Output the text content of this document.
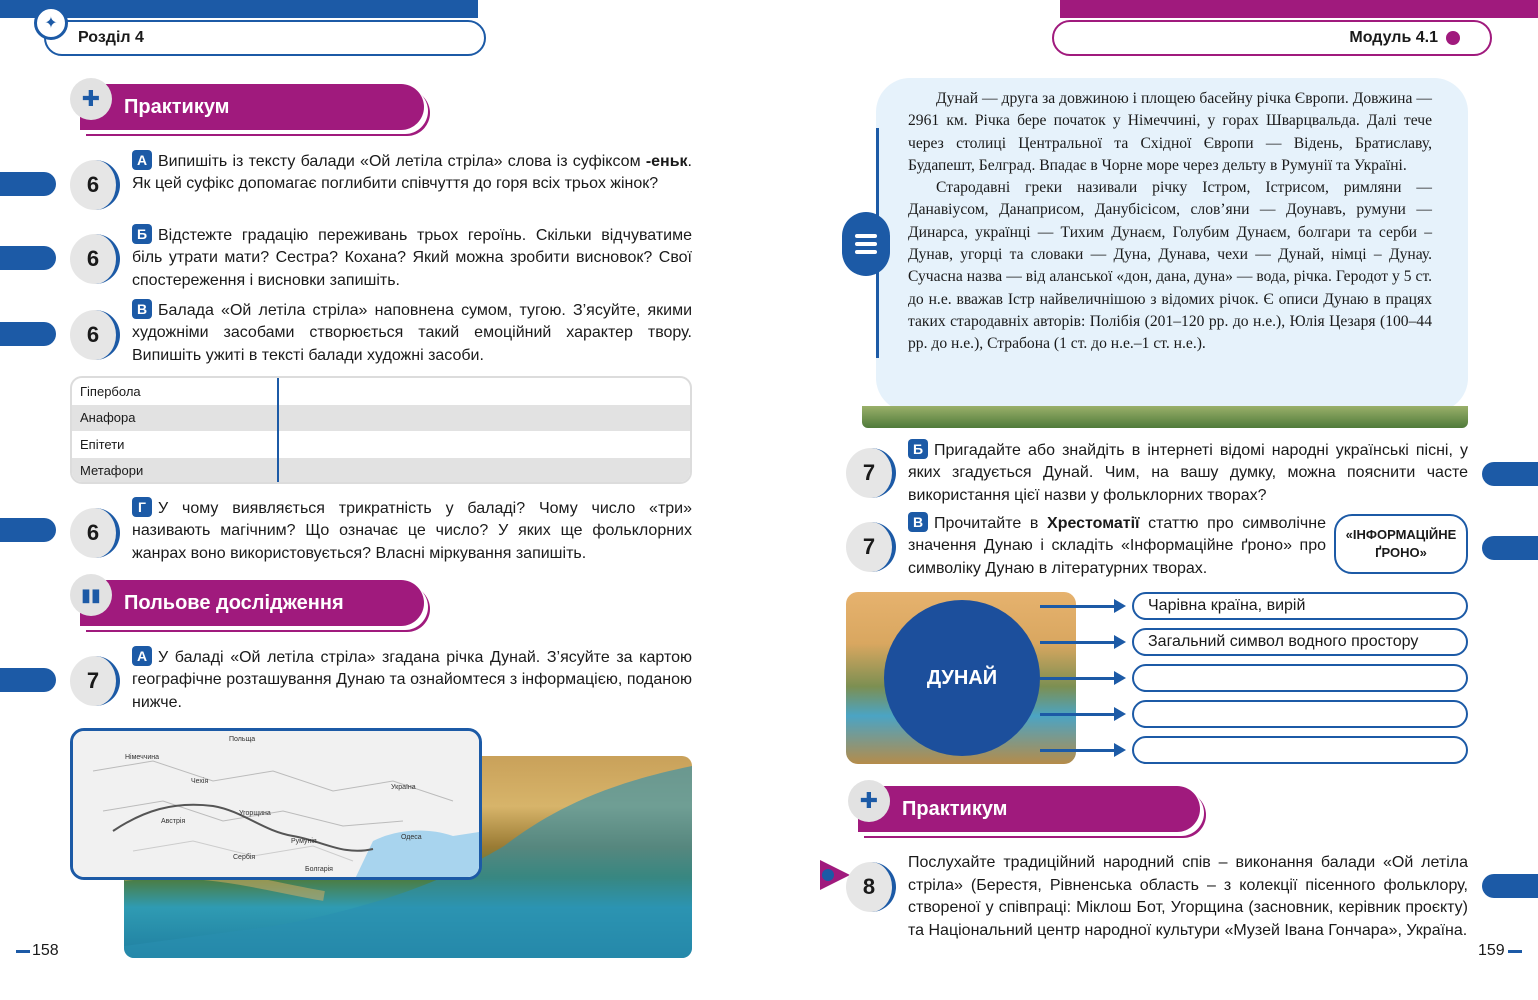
Розділ 4
✦
Модуль 4.1
Практикум
✚
6
А Випишіть із тексту балади «Ой летіла стріла» слова із суфіксом -еньк. Як цей суфікс допомагає поглибити співчуття до горя всіх трьох жінок?
6
Б Відстежте градацію переживань трьох героїнь. Скільки відчуватиме біль утрати мати? Сестра? Кохана? Який можна зробити висновок? Свої спостереження і висновки запишіть.
6
В Балада «Ой летіла стріла» наповнена сумом, тугою. З’ясуйте, якими художніми засобами створюється такий емоційний характер твору. Випишіть ужиті в тексті балади художні засоби.
Гіпербола
Анафора
Епітети
Метафори
6
Г У чому виявляється трикратність у баладі? Чому число «три» називають магічним? Що означає це число? У яких ще фольклорних жанрах воно використовується? Власні міркування запишіть.
Польове дослідження
▮▮
7
А У баладі «Ой летіла стріла» згадана річка Дунай. З’ясуйте за картою географічне розташування Дунаю та ознайомтеся з інформацією, поданою нижче.
Німеччина
Польща
Чехія
Австрія
Україна
Угорщина
Сербія
Румунія
Болгарія
Одеса
158

Дунай — друга за довжиною і площею басейну річка Європи. Довжина — 2961 км. Річка бере початок у Німеччині, у горах Шварцвальда. Далі тече через столиці Центральної та Східної Європи — Відень, Братиславу, Будапешт, Белград. Впадає в Чорне море через дельту в Румунії та Україні.

Стародавні греки називали річку Істром, Істрисом, римляни — Данавіусом, Данаприсом, Данубісісом, слов’яни — Доунавъ, румуни — Динарса, українці — Тихим Дунаєм, Голубим Дунаєм, болгари та серби – Дунав, угорці та словаки — Дуна, Дунава, чехи — Дунай, німці – Дунау. Сучасна назва — від аланської «дон, дана, дуна» — вода, річка. Геродот у 5 ст. до н.е. вважав Істр найвеличнішою з відомих річок. Є описи Дунаю в працях таких стародавніх авторів: Полібія (201–120 рр. до н.е.), Юлія Цезаря (100–44 рр. до н.е.), Страбона (1 ст. до н.е.–1 ст. н.е.).

7
Б Пригадайте або знайдіть в інтернеті відомі народні українські пісні, у яких згадується Дунай. Чим, на вашу думку, можна пояснити часте використання цієї назви у фольклорних творах?
7
В Прочитайте в Хрестоматії статтю про символічне значення Дунаю і складіть «Інформаційне ґроно» про символіку Дунаю в літературних творах.
«ІНФОРМАЦІЙНЕ
ҐРОНО»
ДУНАЙ
Чарівна країна, вирій
Загальний символ водного простору
Практикум
✚
8
Послухайте традиційний народний спів – виконання балади «Ой летіла стріла» (Берестя, Рівненська область – з колекції пісенного фольклору, створеної у співпраці: Міклош Бот, Угорщина (засновник, керівник проєкту) та Національний центр народної культури «Музей Івана Гончара», Україна.
159
